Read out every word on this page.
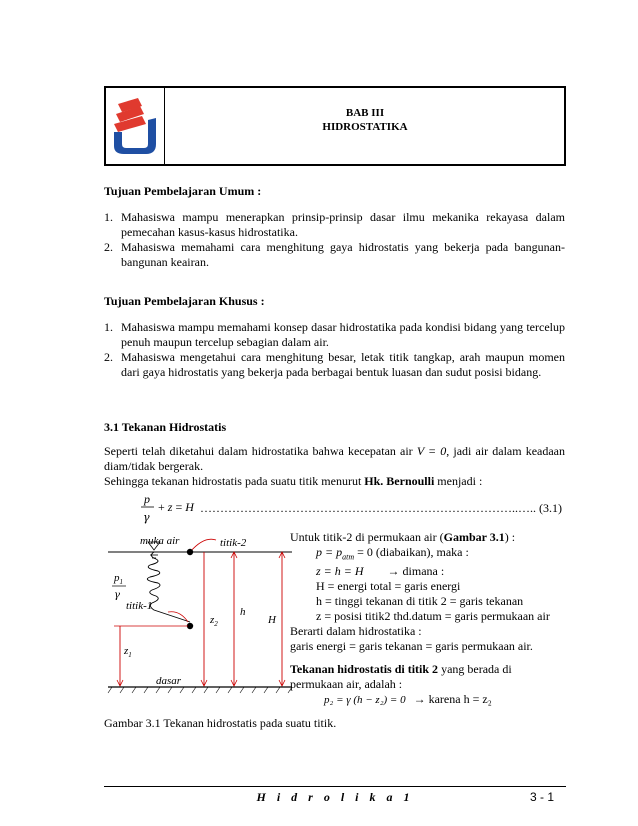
BAB III
HIDROSTATIKA
Tujuan Pembelajaran Umum :
1. Mahasiswa mampu menerapkan prinsip-prinsip dasar ilmu mekanika rekayasa dalam pemecahan kasus-kasus hidrostatika.
2. Mahasiswa memahami cara menghitung gaya hidrostatis yang bekerja pada bangunan-bangunan keairan.
Tujuan Pembelajaran Khusus :
1. Mahasiswa mampu memahami konsep dasar hidrostatika pada kondisi bidang yang tercelup penuh maupun tercelup sebagian dalam air.
2. Mahasiswa mengetahui cara menghitung besar, letak titik tangkap, arah maupun momen dari gaya hidrostatis yang bekerja pada berbagai bentuk luasan dan sudut posisi bidang.
3.1 Tekanan Hidrostatis
Seperti telah diketahui dalam hidrostatika bahwa kecepatan air V = 0, jadi air dalam keadaan diam/tidak bergerak.
Sehingga tekanan hidrostatis pada suatu titik menurut Hk. Bernoulli menjadi :
p
γ
+ z = H ……………………………………………………………………..….. (3.1)
muka air	titik-2
titik-1
$p_1$
γ
$z_2$
h
H
$z_1$
dasar
Untuk titik-2 di permukaan air (Gambar 3.1) :
$p = p_{atm} = 0$ (diabaikan), maka :
z = h = H → dimana :
H = energi total = garis energi
h = tinggi tekanan di titik 2 = garis tekanan
z = posisi titik2 thd.datum = garis permukaan air
Berarti dalam hidrostatika :
garis energi = garis tekanan = garis permukaan air.
Tekanan hidrostatis di titik 2 yang berada di
permukaan air, adalah :
p₂ = γ (h − z₂) = 0 → karena h = z₂
Gambar 3.1 Tekanan hidrostatis pada suatu titik.
H i d r o l i k a 1	3 - 1
